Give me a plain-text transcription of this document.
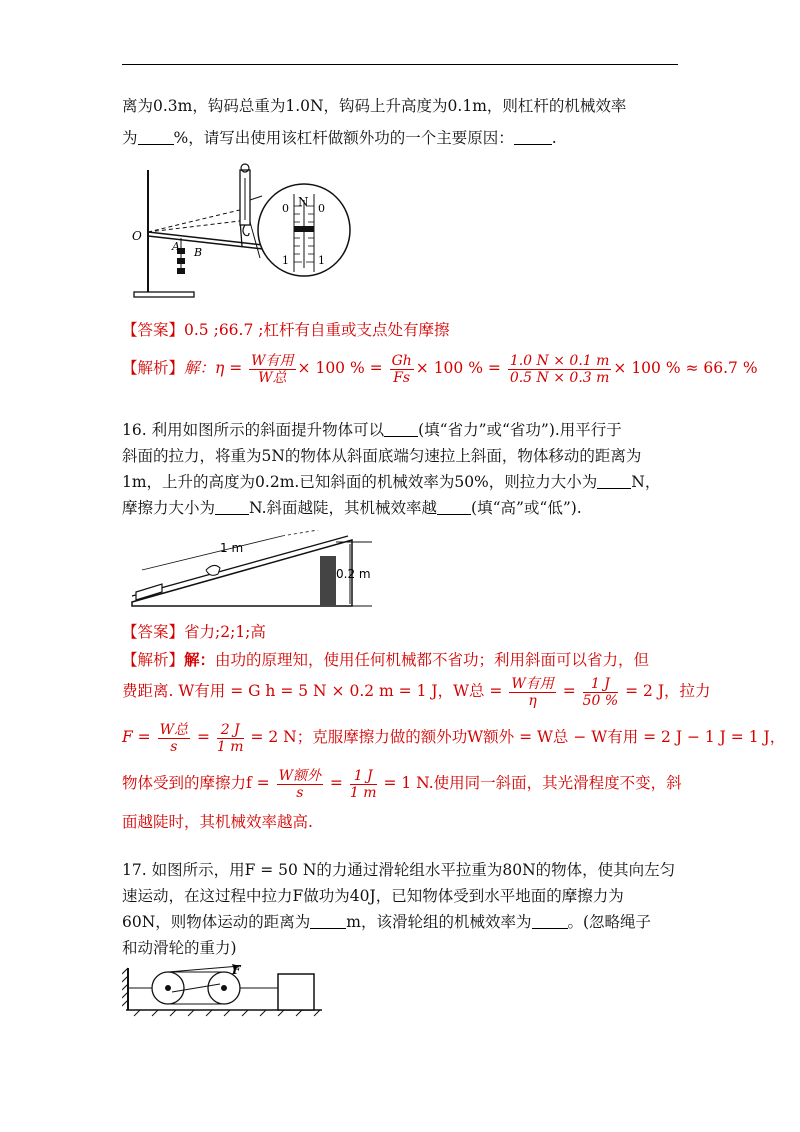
离为0.3m，钩码总重为1.0N，钩码上升高度为0.1m，则杠杆的机械效率
为 %，请写出使用该杠杆做额外功的一个主要原因： .
O
A B
N
0	0
1	1
【答案】0.5 ;66.7 ;杠杆有自重或支点处有摩擦
【解析】解：$\eta = \frac{\text{W有用}}{\text{W总}} \times 100$ % = $\frac{Gh}{Fs} \times 100$ % = $\frac{1.0 N \times 0.1 m}{0.5 N \times 0.3 m} \times 100$ % ≈ 66.7 %
16. 利用如图所示的斜面提升物体可以 (填“省力”或“省功”).用平行于
斜面的拉力，将重为5N的物体从斜面底端匀速拉上斜面，物体移动的距离为
1m，上升的高度为0.2m.已知斜面的机械效率为50%，则拉力大小为 N，
摩擦力大小为 N.斜面越陡，其机械效率越 (填“高”或“低”).
1 m
0.2 m
【答案】省力;2;1;高
【解析】解：由功的原理知，使用任何机械都不省功；利用斜面可以省力，但
费距离. W有用 = G h = 5 N × 0.2 m = 1 J，W总 = $\frac{\text{W有用}}{\eta} = \frac{1 J}{50 \%} = 2$ J，拉力
$F = \frac{\text{W总}}{s} = \frac{2 J}{1 m} = 2$ N；克服摩擦力做的额外功W额外 = W总 − W有用 = 2 J − 1 J = 1 J，
物体受到的摩擦力$f = \frac{\text{W额外}}{s} = \frac{1 J}{1 m} = 1$ N.使用同一斜面，其光滑程度不变，斜
面越陡时，其机械效率越高.
17. 如图所示，用F = 50 N的力通过滑轮组水平拉重为80N的物体，使其向左匀
速运动，在这过程中拉力F做功为40J，已知物体受到水平地面的摩擦力为
60N，则物体运动的距离为 m，该滑轮组的机械效率为 。(忽略绳子
和动滑轮的重力)
F
